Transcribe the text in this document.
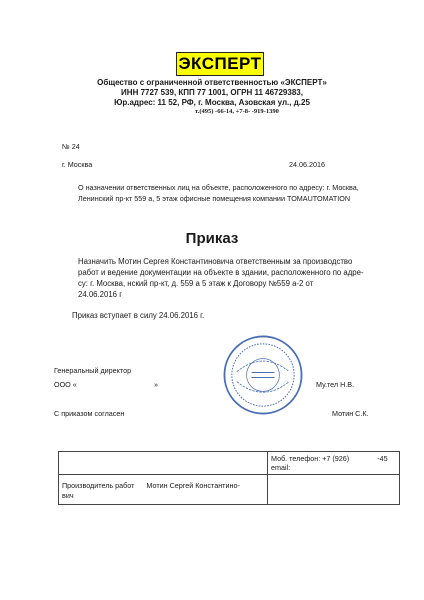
ЭКСПЕРТ
Общество с ограниченной ответственностью «ЭКСПЕРТ»
ИНН 7727 539, КПП 77 1001, ОГРН 11 46729383,
Юр.адрес: 11 52, РФ, г. Москва, Азовская ул., д.25
т.(495) -66-14, +7-8- -919-1390
№ 24
г. Москва	24.06.2016
О назначении ответственных лиц на объекте, расположенного по адресу: г. Москва,
Ленинский пр-кт 559 а, 5 этаж офисные помещения компании TOMAUTOMATION
Приказ
Назначить Мотин Сергея Константиновича ответственным за производство
работ и ведение документации на объекте в здании, расположенного по адре-
су: г. Москва, нский пр-кт, д. 559 а 5 этаж к Договору №559 а-2 от
24.06.2016 г
Приказ вступает в силу 24.06.2016 г.
Генеральный директор
ООО «	»	Му.тел Н.В.
С приказом согласен	Мотин С.К.

	Моб. телефон: +7 (926) -45
email:

Производитель работ Мотин Сергей Константино-
вич	
